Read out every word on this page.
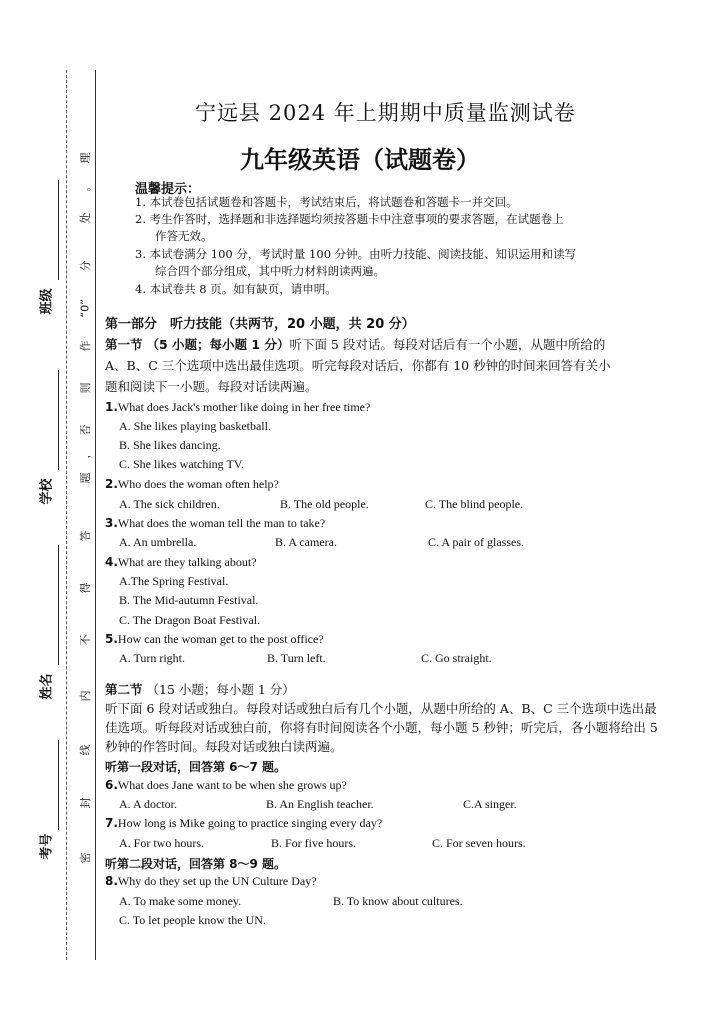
班级
学校
姓名
考号
理
。
处
分
“0”
作
则
否
，
题
答
得
不
内
线
封
密
宁远县 2024 年上期期中质量监测试卷
九年级英语（试题卷）
温馨提示：
1. 本试卷包括试题卷和答题卡，考试结束后，将试题卷和答题卡一并交回。
2. 考生作答时，选择题和非选择题均须按答题卡中注意事项的要求答题，在试题卷上
作答无效。
3. 本试卷满分 100 分，考试时量 100 分钟。由听力技能、阅读技能、知识运用和读写
综合四个部分组成，其中听力材料朗读两遍。
4. 本试卷共 8 页。如有缺页，请申明。
第一部分　听力技能（共两节，20 小题，共 20 分）
第一节 （5 小题；每小题 1 分）听下面 5 段对话。每段对话后有一个小题，从题中所给的
A、B、C 三个选项中选出最佳选项。听完每段对话后，你都有 10 秒钟的时间来回答有关小
题和阅读下一小题。每段对话读两遍。
1.What does Jack's mother like doing in her free time?
A. She likes playing basketball.
B. She likes dancing.
C. She likes watching TV.
2.Who does the woman often help?
A. The sick children.	B. The old people.	C. The blind people.
3.What does the woman tell the man to take?
A. An umbrella.	B. A camera.	C. A pair of glasses.
4.What are they talking about?
A.The Spring Festival.
B. The Mid-autumn Festival.
C. The Dragon Boat Festival.
5.How can the woman get to the post office?
A. Turn right.	B. Turn left.	C. Go straight.
第二节 （15 小题；每小题 1 分）
听下面 6 段对话或独白。每段对话或独白后有几个小题，从题中所给的 A、B、C 三个选项中选出最佳选项。听每段对话或独白前，你将有时间阅读各个小题，每小题 5 秒钟；听完后，各小题将给出 5 秒钟的作答时间。每段对话或独白读两遍。
听第一段对话，回答第 6～7 题。
6.What does Jane want to be when she grows up?
A. A doctor.	B. An English teacher.	C.A singer.
7.How long is Mike going to practice singing every day?
A. For two hours.	B. For five hours.	C. For seven hours.
听第二段对话，回答第 8～9 题。
8.Why do they set up the UN Culture Day?
A. To make some money.	B. To know about cultures.
C. To let people know the UN.
